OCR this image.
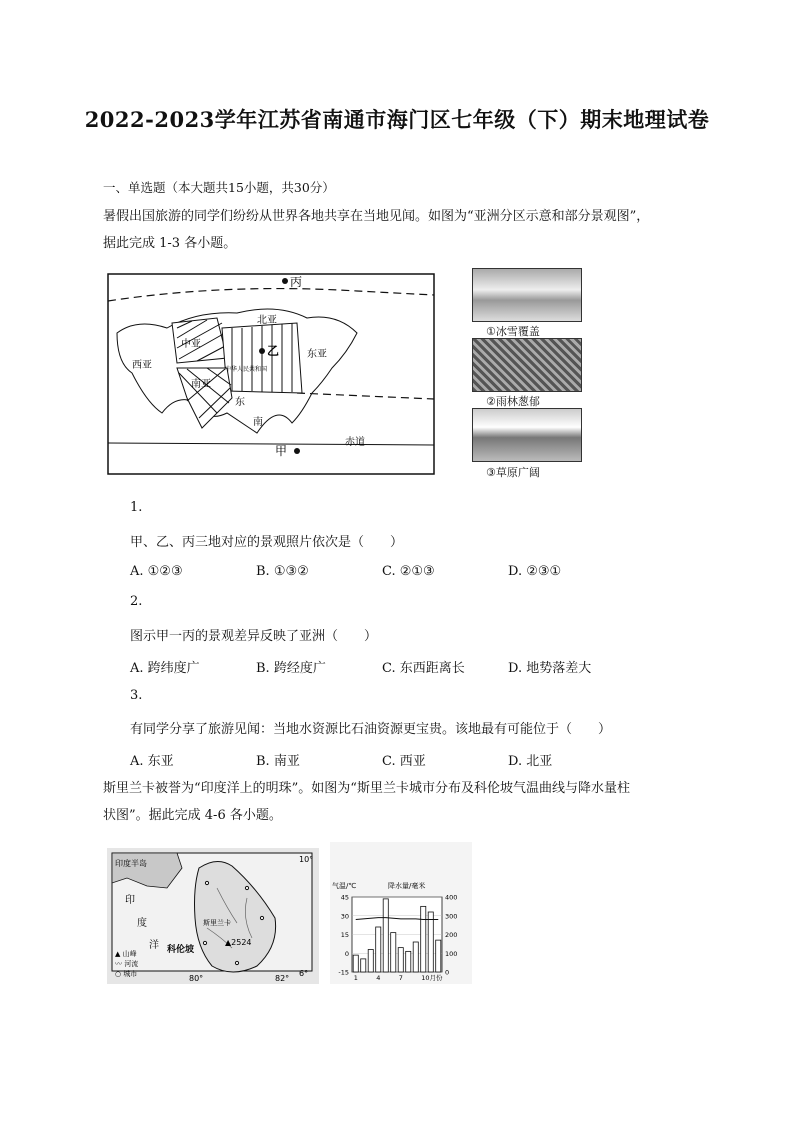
2022-2023学年江苏省南通市海门区七年级（下）期末地理试卷
一、单选题（本大题共15小题，共30分）
暑假出国旅游的同学们纷纷从世界各地共享在当地见闻。如图为“亚洲分区示意和部分景观图”，
据此完成 1-3 各小题。
丙
北亚
中亚
西亚
南亚
东亚
乙
中华人民共和国
东
南
甲
赤道
①冰雪覆盖
②雨林葱郁
③草原广阔
1.
甲、乙、丙三地对应的景观照片依次是（　　）
A. ①②③	B. ①③②	C. ②①③	D. ②③①
2.
图示甲一丙的景观差异反映了亚洲（　　）
A. 跨纬度广	B. 跨经度广	C. 东西距离长	D. 地势落差大
3.
有同学分享了旅游见闻：当地水资源比石油资源更宝贵。该地最有可能位于（　　）
A. 东亚	B. 南亚	C. 西亚	D. 北亚
斯里兰卡被誉为“印度洋上的明珠”。如图为“斯里兰卡城市分布及科伦坡气温曲线与降水量柱
状图”。据此完成 4-6 各小题。
印度半岛
印
度
洋
斯里兰卡
▲2524
科伦坡
10°
6°
80°	82°
▲ 山峰
〰 河流
○ 城市
气温/℃	降水量/毫米
45
30
15
0
-15
400
300
200
100
0
1	4	7	10月份
